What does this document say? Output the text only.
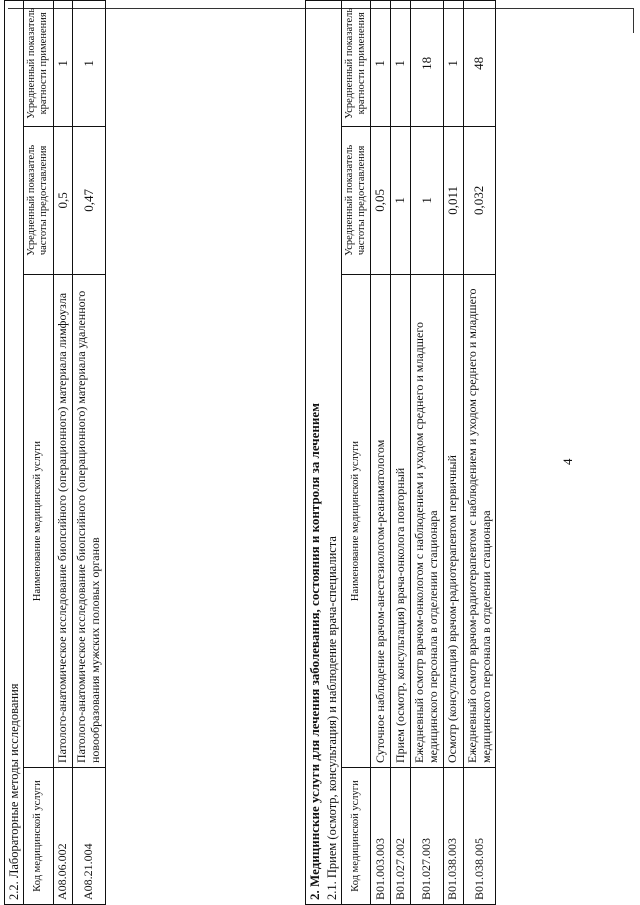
4
2. Медицинские услуги для лечения заболевания, состояния и контроля за лечением 2.1. Прием (осмотр, консультация) и наблюдение врача-специалиста			

Код медицинской услуги	Наименование медицинской услуги	Усредненный показатель частоты предоставления	Усредненный показатель кратности применения
B01.003.003	Суточное наблюдение врачом-анестезиологом-реаниматологом	0,05	1
B01.027.002	Прием (осмотр, консультация) врача-онколога повторный	1	1
B01.027.003	Ежедневный осмотр врачом-онкологом с наблюдением и уходом среднего и младшего медицинского персонала в отделении стационара	1	18
B01.038.003	Осмотр (консультация) врачом-радиотерапевтом первичный	0,011	1
B01.038.005	Ежедневный осмотр врачом-радиотерапевтом с наблюдением и уходом среднего и младшего медицинского персонала в отделении стационара	0,032	48
2.2. Лабораторные методы исследования			
Код медицинской услуги	Наименование медицинской услуги	Усредненный показатель частоты предоставления	Усредненный показатель кратности применения
A08.06.002	Патолого-анатомическое исследование биопсийного (операционного) материала лимфоузла	0,5	1
A08.21.004	Патолого-анатомическое исследование биопсийного (операционного) материала удаленного новообразования мужских половых органов	0,47	1
